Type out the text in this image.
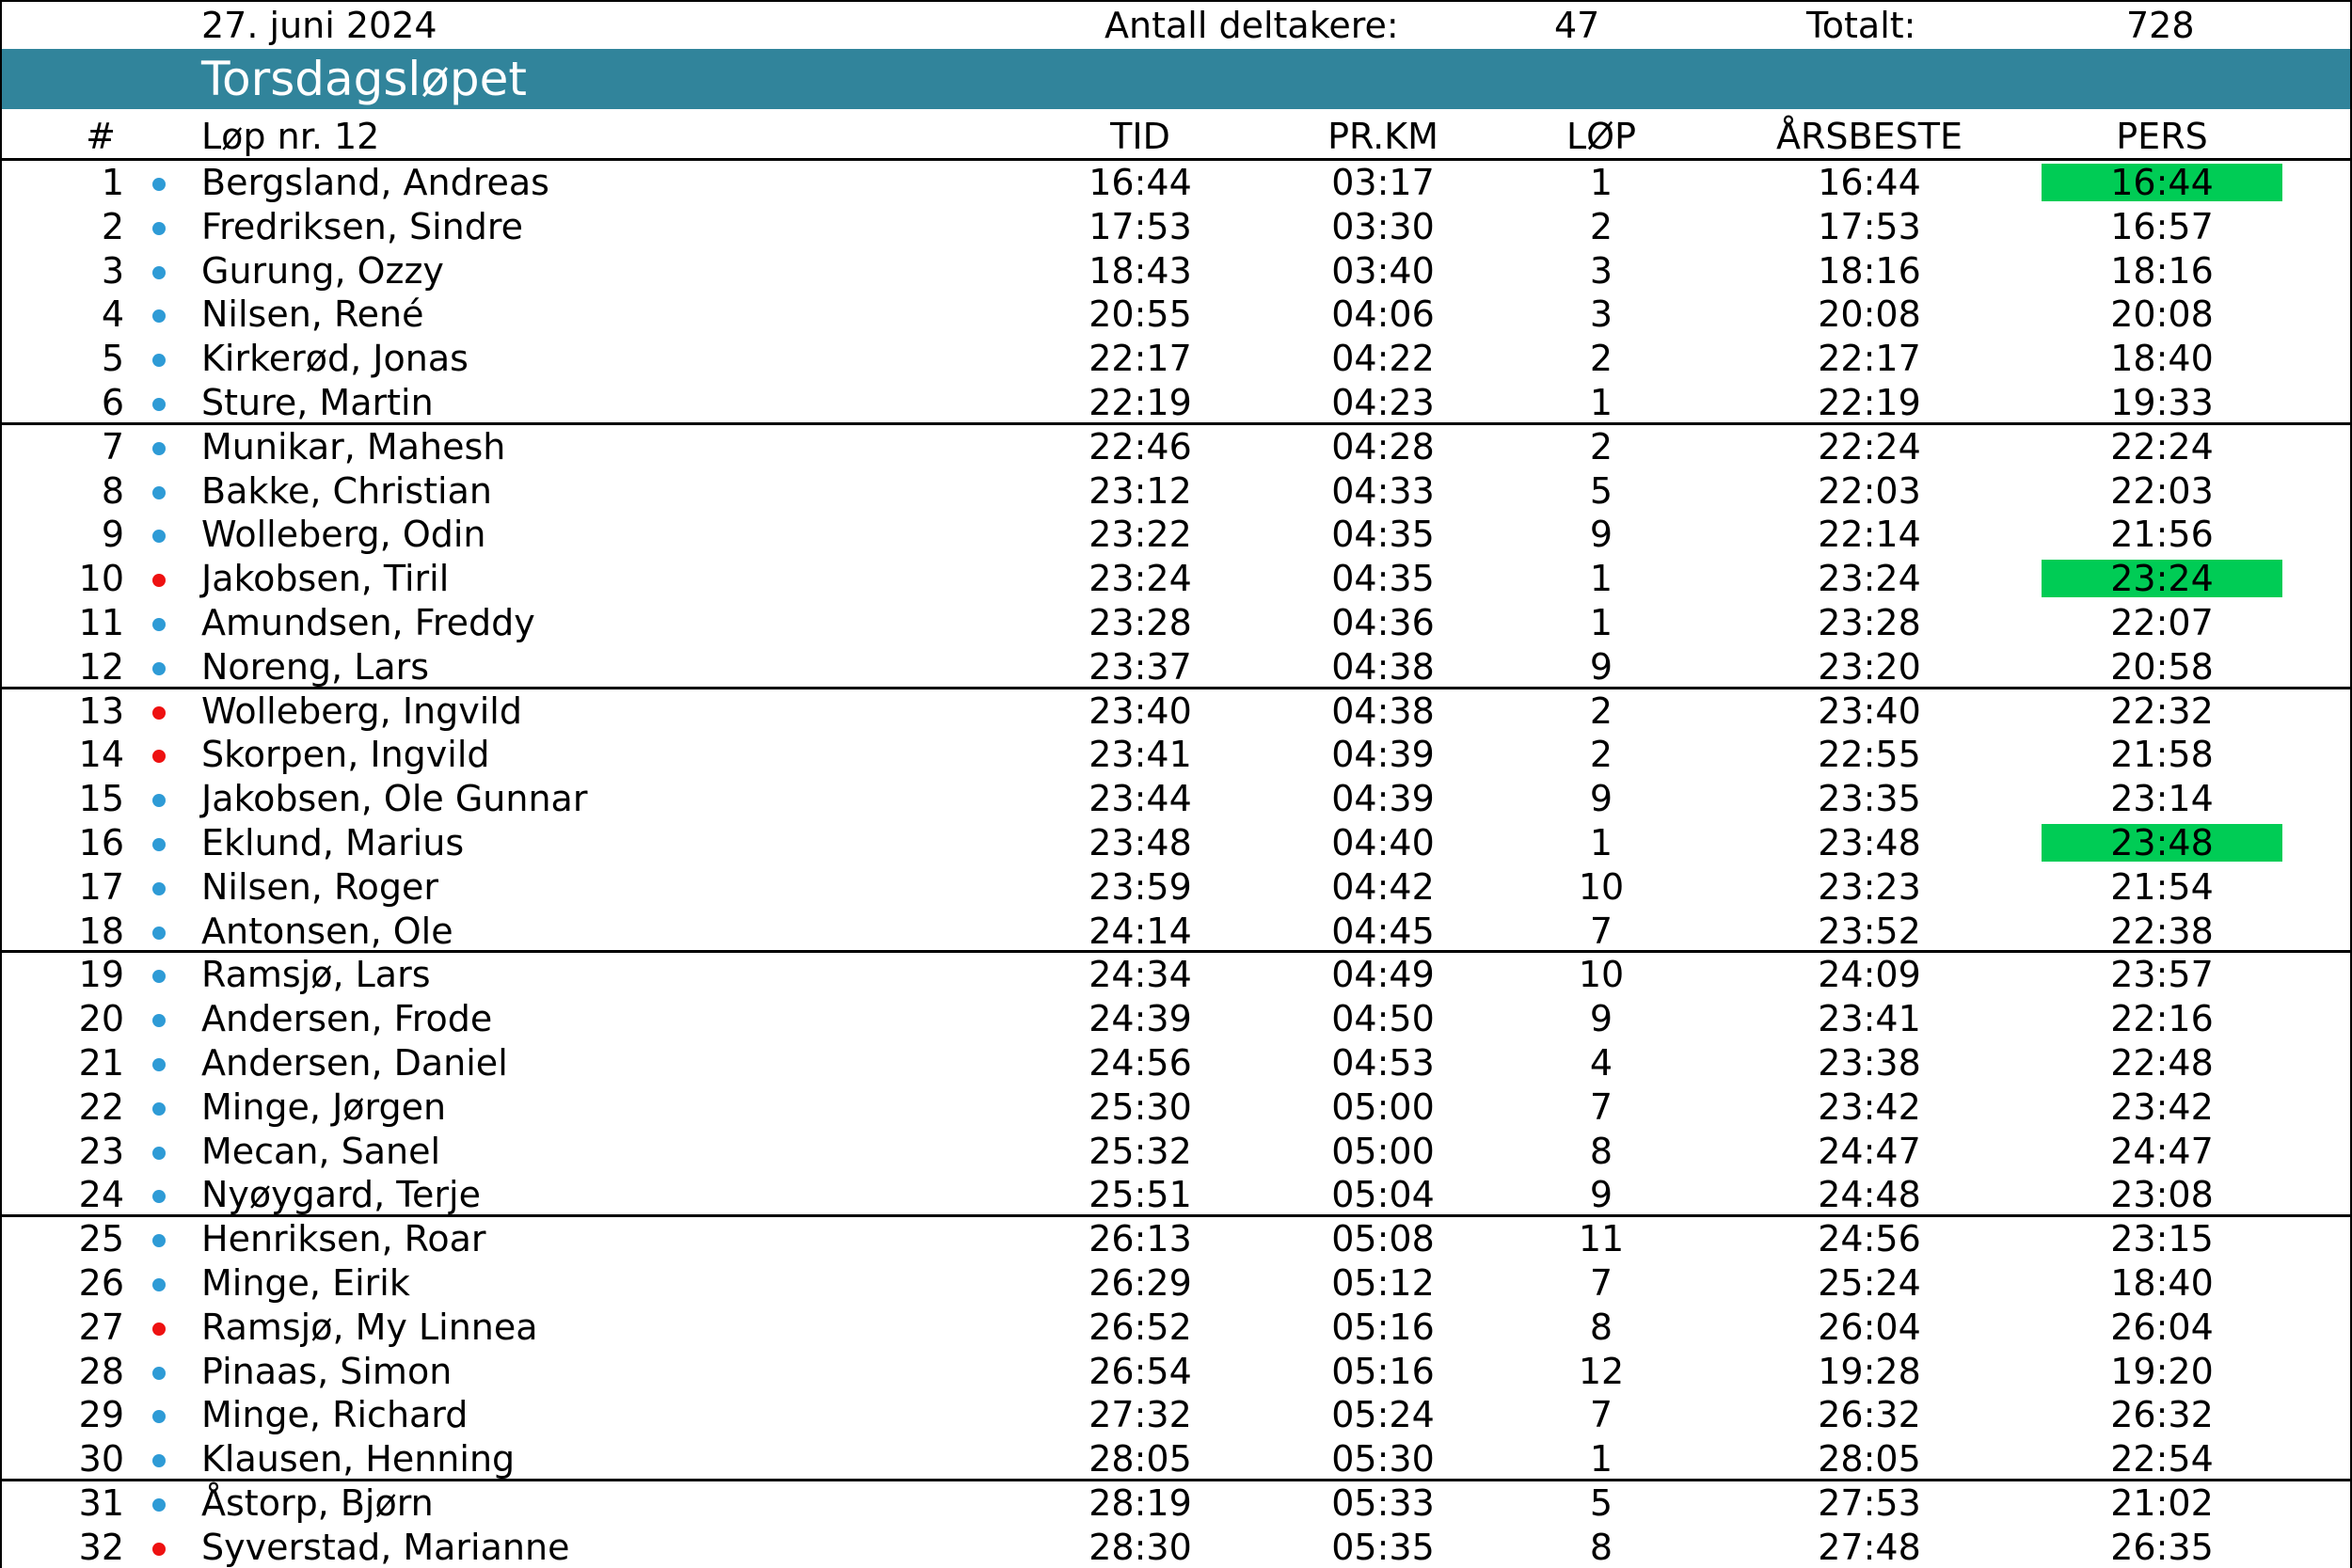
27. juni 2024	Antall deltakere:	47	Totalt:	728
Torsdagsløpet
#	Løp nr. 12	TID	PR.KM	LØP	ÅRSBESTE	PERS
1 Bergsland, Andreas	16:44	03:17	1	16:44	16:44
2 Fredriksen, Sindre	17:53	03:30	2	17:53	16:57
3 Gurung, Ozzy	18:43	03:40	3	18:16	18:16
4 Nilsen, René	20:55	04:06	3	20:08	20:08
5 Kirkerød, Jonas	22:17	04:22	2	22:17	18:40
6 Sture, Martin	22:19	04:23	1	22:19	19:33
7 Munikar, Mahesh	22:46	04:28	2	22:24	22:24
8 Bakke, Christian	23:12	04:33	5	22:03	22:03
9 Wolleberg, Odin	23:22	04:35	9	22:14	21:56
10 Jakobsen, Tiril	23:24	04:35	1	23:24	23:24
11 Amundsen, Freddy	23:28	04:36	1	23:28	22:07
12 Noreng, Lars	23:37	04:38	9	23:20	20:58
13 Wolleberg, Ingvild	23:40	04:38	2	23:40	22:32
14 Skorpen, Ingvild	23:41	04:39	2	22:55	21:58
15 Jakobsen, Ole Gunnar	23:44	04:39	9	23:35	23:14
16 Eklund, Marius	23:48	04:40	1	23:48	23:48
17 Nilsen, Roger	23:59	04:42	10	23:23	21:54
18 Antonsen, Ole	24:14	04:45	7	23:52	22:38
19 Ramsjø, Lars	24:34	04:49	10	24:09	23:57
20 Andersen, Frode	24:39	04:50	9	23:41	22:16
21 Andersen, Daniel	24:56	04:53	4	23:38	22:48
22 Minge, Jørgen	25:30	05:00	7	23:42	23:42
23 Mecan, Sanel	25:32	05:00	8	24:47	24:47
24 Nyøygard, Terje	25:51	05:04	9	24:48	23:08
25 Henriksen, Roar	26:13	05:08	11	24:56	23:15
26 Minge, Eirik	26:29	05:12	7	25:24	18:40
27 Ramsjø, My Linnea	26:52	05:16	8	26:04	26:04
28 Pinaas, Simon	26:54	05:16	12	19:28	19:20
29 Minge, Richard	27:32	05:24	7	26:32	26:32
30 Klausen, Henning	28:05	05:30	1	28:05	22:54
31 Åstorp, Bjørn	28:19	05:33	5	27:53	21:02
32 Syverstad, Marianne	28:30	05:35	8	27:48	26:35
